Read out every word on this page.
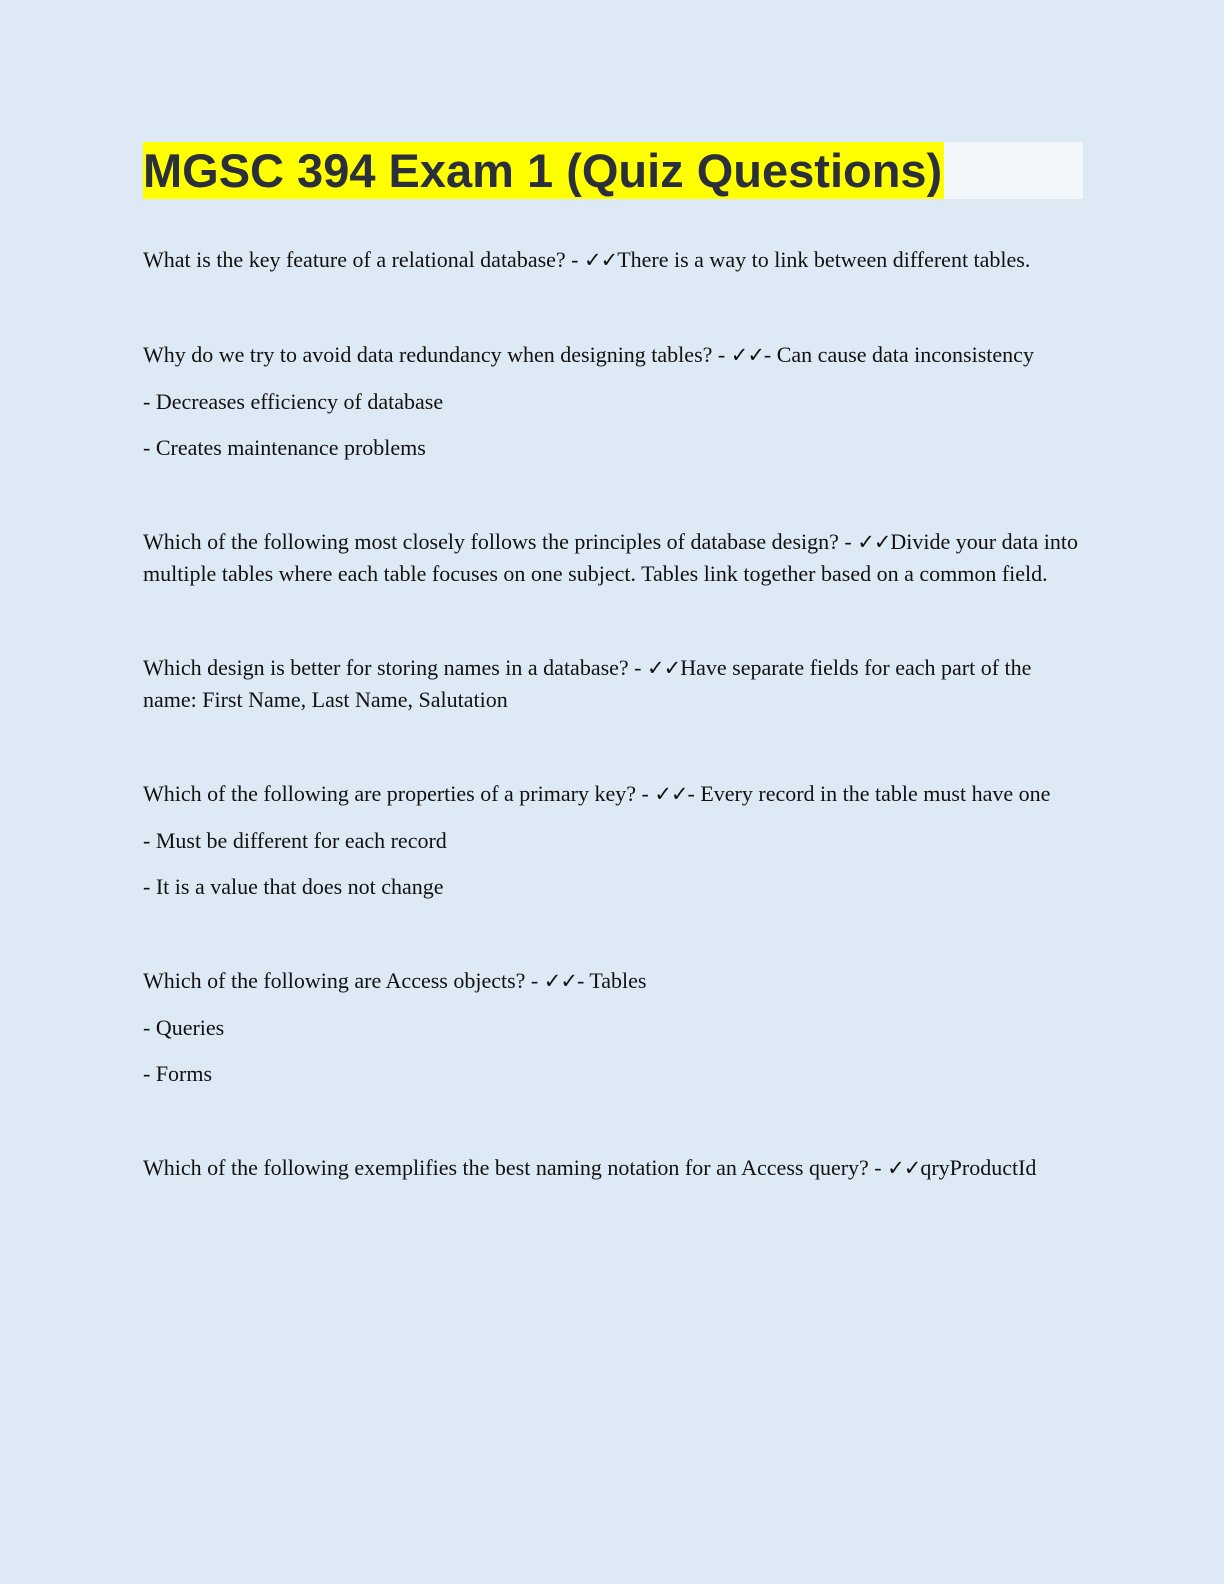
MGSC 394 Exam 1 (Quiz Questions)

What is the key feature of a relational database? - ✓✓There is a way to link between different tables.

Why do we try to avoid data redundancy when designing tables? - ✓✓- Can cause data inconsistency

- Decreases efficiency of database

- Creates maintenance problems

Which of the following most closely follows the principles of database design? - ✓✓Divide your data into multiple tables where each table focuses on one subject. Tables link together based on a common field.

Which design is better for storing names in a database? - ✓✓Have separate fields for each part of the name: First Name, Last Name, Salutation

Which of the following are properties of a primary key? - ✓✓- Every record in the table must have one

- Must be different for each record

- It is a value that does not change

Which of the following are Access objects? - ✓✓- Tables

- Queries

- Forms

Which of the following exemplifies the best naming notation for an Access query? - ✓✓qryProductId
